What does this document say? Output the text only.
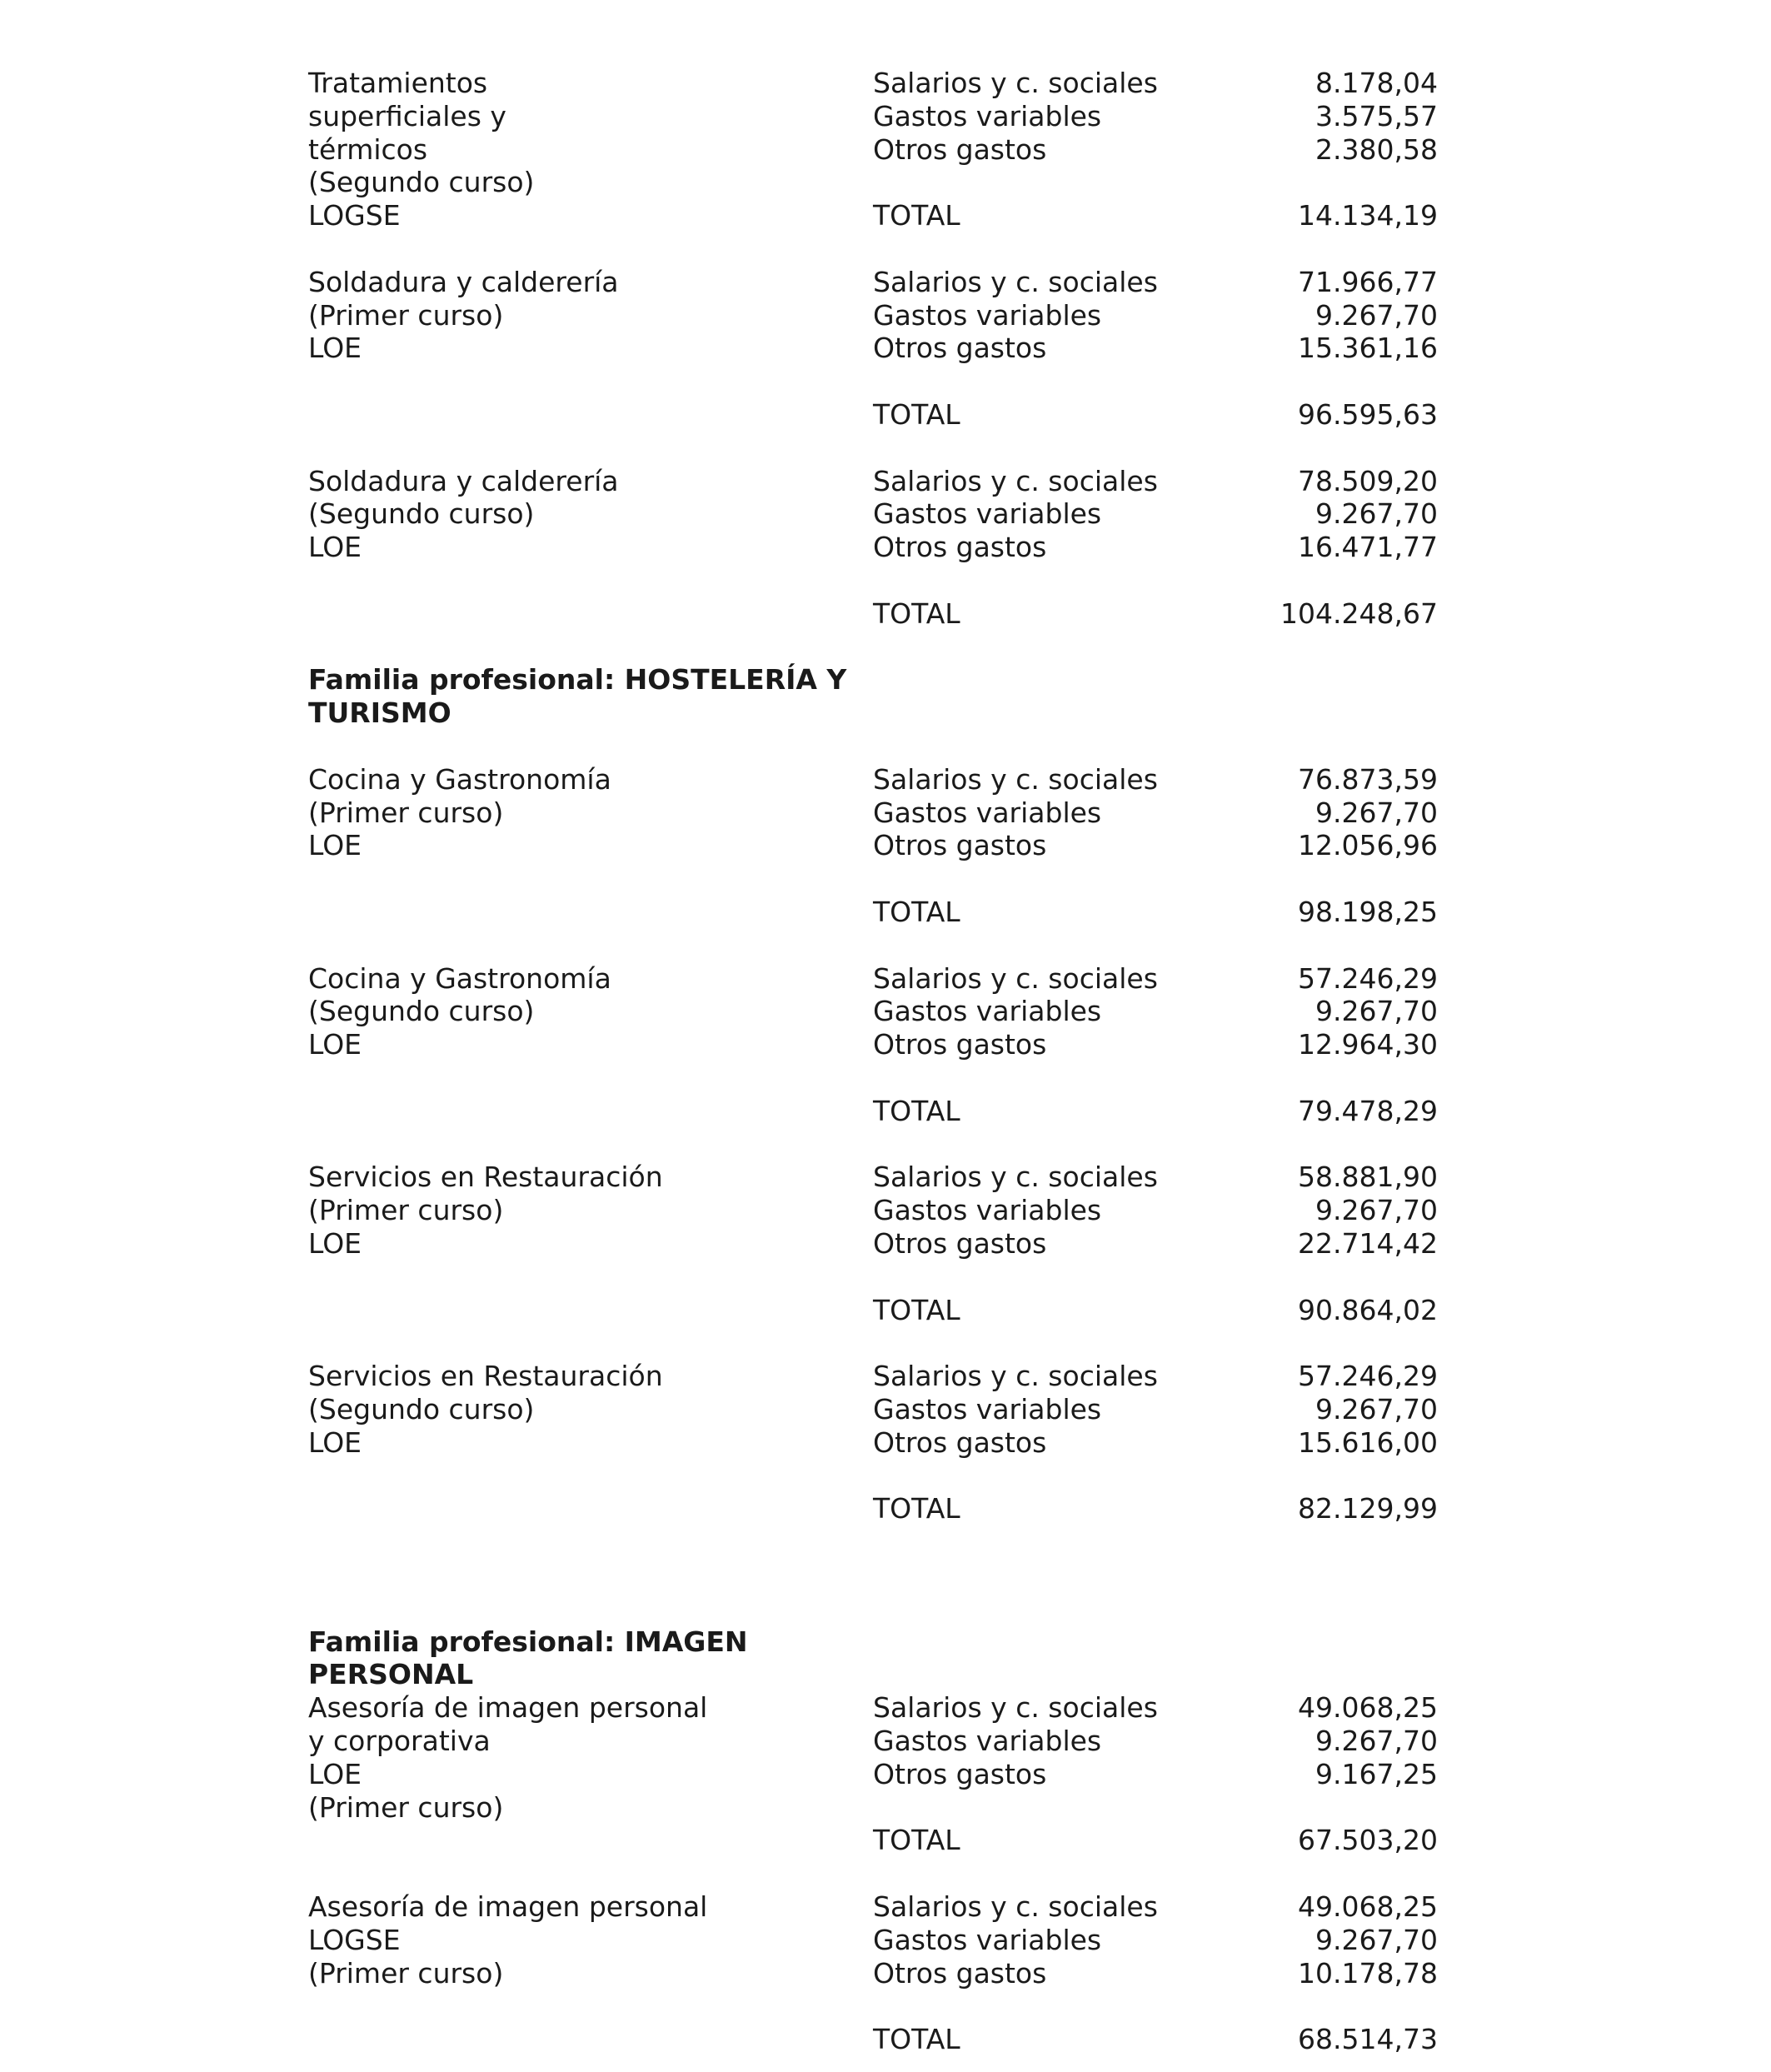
Tratamientos	Salarios y c. sociales	8.178,04
superficiales y	Gastos variables	3.575,57
térmicos	Otros gastos	2.380,58
(Segundo curso)
LOGSE	TOTAL	14.134,19
Soldadura y calderería	Salarios y c. sociales	71.966,77
(Primer curso)	Gastos variables	9.267,70
LOE	Otros gastos	15.361,16
TOTAL	96.595,63
Soldadura y calderería	Salarios y c. sociales	78.509,20
(Segundo curso)	Gastos variables	9.267,70
LOE	Otros gastos	16.471,77
TOTAL	104.248,67
Familia profesional: HOSTELERÍA Y
TURISMO
Cocina y Gastronomía	Salarios y c. sociales	76.873,59
(Primer curso)	Gastos variables	9.267,70
LOE	Otros gastos	12.056,96
TOTAL	98.198,25
Cocina y Gastronomía	Salarios y c. sociales	57.246,29
(Segundo curso)	Gastos variables	9.267,70
LOE	Otros gastos	12.964,30
TOTAL	79.478,29
Servicios en Restauración	Salarios y c. sociales	58.881,90
(Primer curso)	Gastos variables	9.267,70
LOE	Otros gastos	22.714,42
TOTAL	90.864,02
Servicios en Restauración	Salarios y c. sociales	57.246,29
(Segundo curso)	Gastos variables	9.267,70
LOE	Otros gastos	15.616,00
TOTAL	82.129,99
Familia profesional: IMAGEN
PERSONAL
Asesoría de imagen personal	Salarios y c. sociales	49.068,25
y corporativa	Gastos variables	9.267,70
LOE	Otros gastos	9.167,25
(Primer curso)
TOTAL	67.503,20
Asesoría de imagen personal	Salarios y c. sociales	49.068,25
LOGSE	Gastos variables	9.267,70
(Primer curso)	Otros gastos	10.178,78
TOTAL	68.514,73
